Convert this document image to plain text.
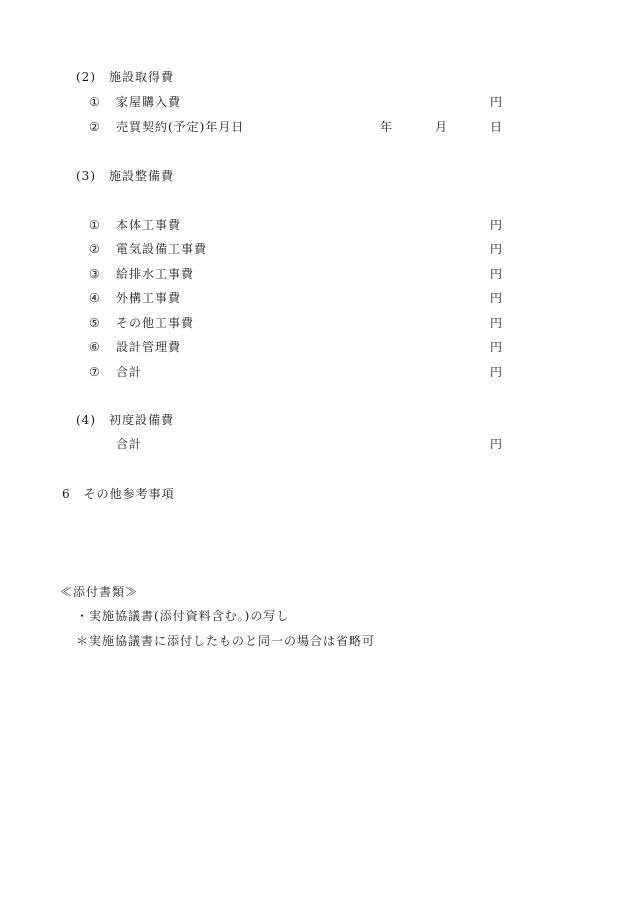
(2)　施設取得費
① 家屋購入費	円
② 売買契約(予定)年月日	年	月	日
(3)　施設整備費
① 本体工事費	円
② 電気設備工事費	円
③ 給排水工事費	円
④ 外構工事費	円
⑤ その他工事費	円
⑥ 設計管理費	円
⑦ 合計	円
(4)　初度設備費
合計	円
6　その他参考事項
≪添付書類≫
・実施協議書(添付資料含む。)の写し
＊実施協議書に添付したものと同一の場合は省略可
